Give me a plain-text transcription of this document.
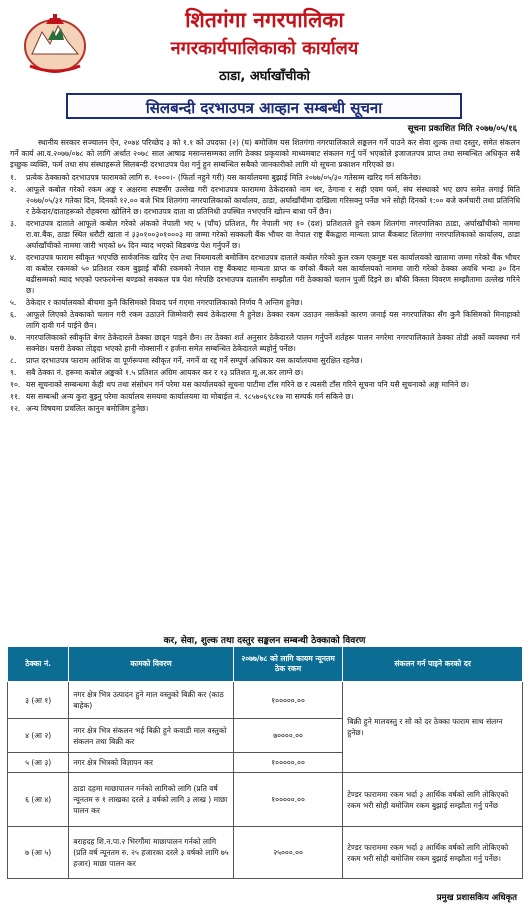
शितगंगा नगरपालिका
नगरकार्यपालिकाको कार्यालय
ठाडा, अर्घाखाँचीको
सिलबन्दी दरभाउपत्र आव्हान सम्बन्धी सूचना
सूचना प्रकाशित मिति २०७७/०५/१६

स्थानीय सरकार सञ्चालन ऐन, २०७४ परिच्छेद ३ को १.१ को उपदफा (२) (घ) बमोजिम यस शितगंगा नगरपालिकाले सङ्कलन गर्ने पाउने कर सेवा शुल्क तथा दस्तुर, समेत संकलन गर्ने कार्य आ.व.२०७७/०७८ को लागि अर्थात २०७८ साल आषाढ मसान्तसम्मका लागि ठेक्का प्रकृयाको माध्यमबाट संकलन गर्नु पर्ने भएकोले इजाजतपत्र प्राप्त तथा सम्बन्धित अधिकृत सबै इच्छुक व्यक्ति, फर्म तथा संघ संस्थाहरूले सिलबन्दी दरभाउपत्र पेश गर्नु हुन सम्बन्धित सबैको जानकारीको लागि यो सूचना प्रकाशन गरिएको छ।

१.	प्रत्येक ठेक्काको दरभाउपत्र फारामको लागि रु. १०००।- (फिर्ता नहुने गरी) यस कार्यालयमा बुझाई मिति २०७७/०५/३० गतेसम्म खरिद गर्न सकिनेछ।
२.	आफूले कबोल गरेको रकम अङ्क र अक्षरमा स्पष्टसँग उल्लेख गरी दरभाउपत्र फाराममा ठेकेदारको नाम थर, ठेगाना र सही एवम फर्म, संघ संस्थाको भए छाप समेत लगाई मिति २०७७/०५/३१ गतेका दिन, दिनको १२.०० बजे भित्र शितगंगा नगरपालिकाको कार्यालय, ठाडा, अर्घाखाँचीमा दाखिला गरिसक्नु पर्नेछ भने सोही दिनको १:०० बजे कर्मचारी तथा प्रतिनिधि र ठेकेदार/दाताहरूको रोहबरमा खोलिने छ। दरभाउपत्र दाता वा प्रतिनिधी उपस्थित नभएपनि खोल्न बाधा पर्ने छैन।
३.	दरभाउपत्र दाताले आफूले कबोल गरेको अंकको नेपाली भए ५ (पाँच) प्रतिशत, गैर नेपाली भए १० (दश) प्रतिशतले हुने रकम शितगंगा नगरपालिका ठाडा, अर्घाखाँचीको नाममा रा.वा.बैंक, ठाडा स्थित धरौटी खाता नं ३३०१००३०१०००३ मा जम्मा गरेको सक्कली बैंक भौचर वा नेपाल राष्ट्र बैंकद्वारा मान्यता प्राप्त बैंकबाट शितगंगा नगरपालिकाको कार्यालय, ठाडा अर्घाखाँचीको नाममा जारी भएको ७५ दिन म्याद भएको बिडबण्ड पेश गर्नुपर्ने छ।
४.	दरभाउपत्र फाराम स्वीकृत भएपछि सार्वजनिक खरिद ऐन तथा नियमावली बमोजिम दरभाउपत्र दाताले कबोल गरेको कुल रकम एकमुष्ट यस कार्यालयको खातामा जम्मा गरेको बैंक भौचर वा कबोल रकमको ५० प्रतिशत रकम बुझाई बाँकी रकमको नेपाल राष्ट्र बैंकबाट मान्यता प्राप्त क वर्गको बैंकले यस कार्यालयको नाममा जारी गरेको ठेक्का अवधि भन्दा ३० दिन बढीसम्मको म्याद भएको परफरमेन्स बण्डको सक्कल पत्र पेश गरेपछि दरभाउपत्र दातासँग सम्झौता गरी ठेक्काको चलान पुर्जी दिइने छ। बाँकी किस्ता विवरण सम्झौतामा उल्लेख गरिने छ।
५.	ठेकेदार र कार्यालयको बीचमा कुनै किसिमको विवाद पर्न गएमा नगरपालिकाको निर्णय नै अन्तिम हुनेछ।
६.	आफूले लिएको ठेक्काको चलान गरी रकम उठाउने जिम्मेवारी स्वयं ठेकेदारमा नै हुनेछ। ठेक्का रकम उठाउन नसकेको कारण जनाई यस नगरपालिका सँग कुनै किसिमको मिनाहाको लागि दावी गर्न पाईने छैन।
७.	नगरपालिकाको स्वीकृति बेगर ठेकेदारले ठेक्का छाड्न पाइने छैन। तर ठेक्का शर्त अनुसार ठेकेदारले पालन गर्नुपर्ने शर्तहरू पालन नगरेमा नगरपालिकाले ठेक्का तोडी अर्को व्यवस्था गर्न सक्नेछ। यसरी ठेक्का तोड्दा भएको हानी नोक्सानी र हर्जना समेत सम्बन्धित ठेकेदारले ब्यहोर्नु पर्नेछ।
८.	प्राप्त दरभाउपत्र फाराम आंशिक वा पूर्णरूपमा स्वीकृत गर्ने, नगर्ने वा रद्द गर्ने सम्पूर्ण अधिकार यस कार्यालयमा सुरक्षित रहनेछ।
९.	सबै ठेक्का नं. हरूमा कबोल अङ्कको १.५ प्रतिशत अग्रिम आयकर कर र १३ प्रतिशत मू.अ.कर लाग्ने छ।
१०. यस सूचनाको सम्बन्धमा केही थप तथा संसोधन गर्न परेमा यस कार्यालयको सूचना पाटीमा टाँस गरिने छ र त्यसरी टाँस गरिने सूचना पनि यसै सूचनाको अङ्ग मानिने छ।
११. यस सम्बन्धी अन्य कुरा बुझ्नु परेमा कार्यालय समयमा कार्यालयमा वा मोबाईल नं. ९८५७०६९८१७ मा सम्पर्क गर्न सकिने छ।
१२. अन्य विषयमा प्रचलित कानुन बमोजिम हुनेछ।
कर, सेवा, शुल्क तथा दस्तुर सङ्कलन सम्बन्धी ठेक्काको विवरण
ठेक्का नं.	कामको विवरण	२०७७/७८ को लागि कायम न्यूनतम ठेक रकम	संकलन गर्न पाइने करको दर
३ (आ १)	नगर क्षेत्र भित्र उत्पादन हुने माल वस्तुको बिक्री कर (काठ बाहेक)	१०००००.००	बिक्री हुने मालवस्तु र सो को दर ठेक्का फाराम साथ संलग्न हुनेछ।
४ (आ २)	नगर क्षेत्र भित्र संकलन भई बिक्री हुने कवाडी माल वस्तुको संकलन तथा बिक्री कर	७००००.००	
५ (आ ३)	नगर क्षेत्र भित्रको विज्ञापन कर	१०००००.००	
६ (आ ४)	ठाडा दहमा माछापालन गर्नको लागिको लागि (प्रति वर्ष न्यूनतम रु १ लाखका दरले ३ वर्षको लागि ३ लाख ) माछा पालन कर	१०००००.००	टेण्डर फाराममा रकम भर्दा ३ आर्थिक वर्षको लागि तोकिएको रकम भरी सोही बमोजिम रकम बुझाई सम्झौता गर्नु पर्नेछ
७ (आ ५)	बराहदह शि.न.पा.२ भिरगौंमा माछापालन गर्नको लागि (प्रति वर्ष न्यूनतम रु. २५ हजारका दरले ३ वर्षको लागि ७५ हजार) माछा पालन कर	२५०००.००	टेण्डर फाराममा रकम भर्दा ३ आर्थिक वर्षको लागि तोकिएको रकम भरी सोही बमोजिम रकम बुझाई सम्झौता गर्नु पर्नेछ।
प्रमुख प्रशासकिय अधिकृत
